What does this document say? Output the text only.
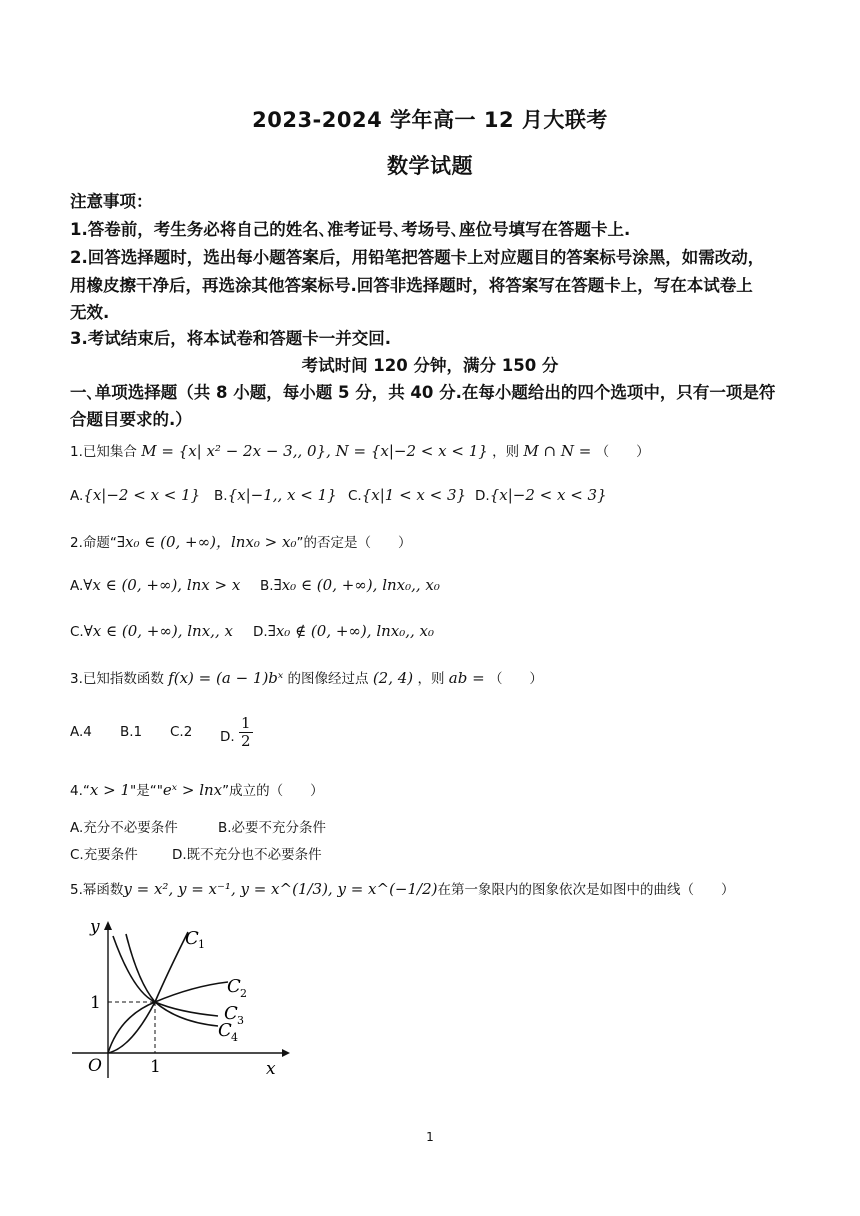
2023-2024 学年高一 12 月大联考
数学试题
注意事项：
1.答卷前，考生务必将自己的姓名､准考证号､考场号､座位号填写在答题卡上.
2.回答选择题时，选出每小题答案后，用铅笔把答题卡上对应题目的答案标号涂黑，如需改动，
用橡皮擦干净后，再选涂其他答案标号.回答非选择题时，将答案写在答题卡上，写在本试卷上
无效.
3.考试结束后，将本试卷和答题卡一并交回.
考试时间 120 分钟，满分 150 分
一､单项选择题（共 8 小题，每小题 5 分，共 40 分.在每小题给出的四个选项中，只有一项是符
合题目要求的.）
1.已知集合 M = {x| x² − 2x − 3,, 0}, N = {x|−2 < x < 1} ，则 M ∩ N = （　　）
A.{x|−2 < x < 1} B.{x|−1,, x < 1} C.{x|1 < x < 3} D.{x|−2 < x < 3}
2.命题“∃x₀ ∈ (0, +∞)，lnx₀ > x₀”的否定是（　　）
A.∀x ∈ (0, +∞), lnx > x B.∃x₀ ∈ (0, +∞), lnx₀,, x₀
C.∀x ∈ (0, +∞), lnx,, x D.∃x₀ ∉ (0, +∞), lnx₀,, x₀
3.已知指数函数 f(x) = (a − 1)bˣ 的图像经过点 (2, 4) ，则 ab = （　　）
A.4 B.1 C.2 D. $\frac{1}{2}$
4.“x > 1"是“"eˣ > lnx”成立的（　　）
A.充分不必要条件	B.必要不充分条件
C.充要条件	D.既不充分也不必要条件
5.幂函数y = x², y = x⁻¹, y = x^(1/3), y = x^(−1/2)在第一象限内的图象依次是如图中的曲线（　　）
y
x
O	1
1
C 1
C 2
C 3
C 4
1
